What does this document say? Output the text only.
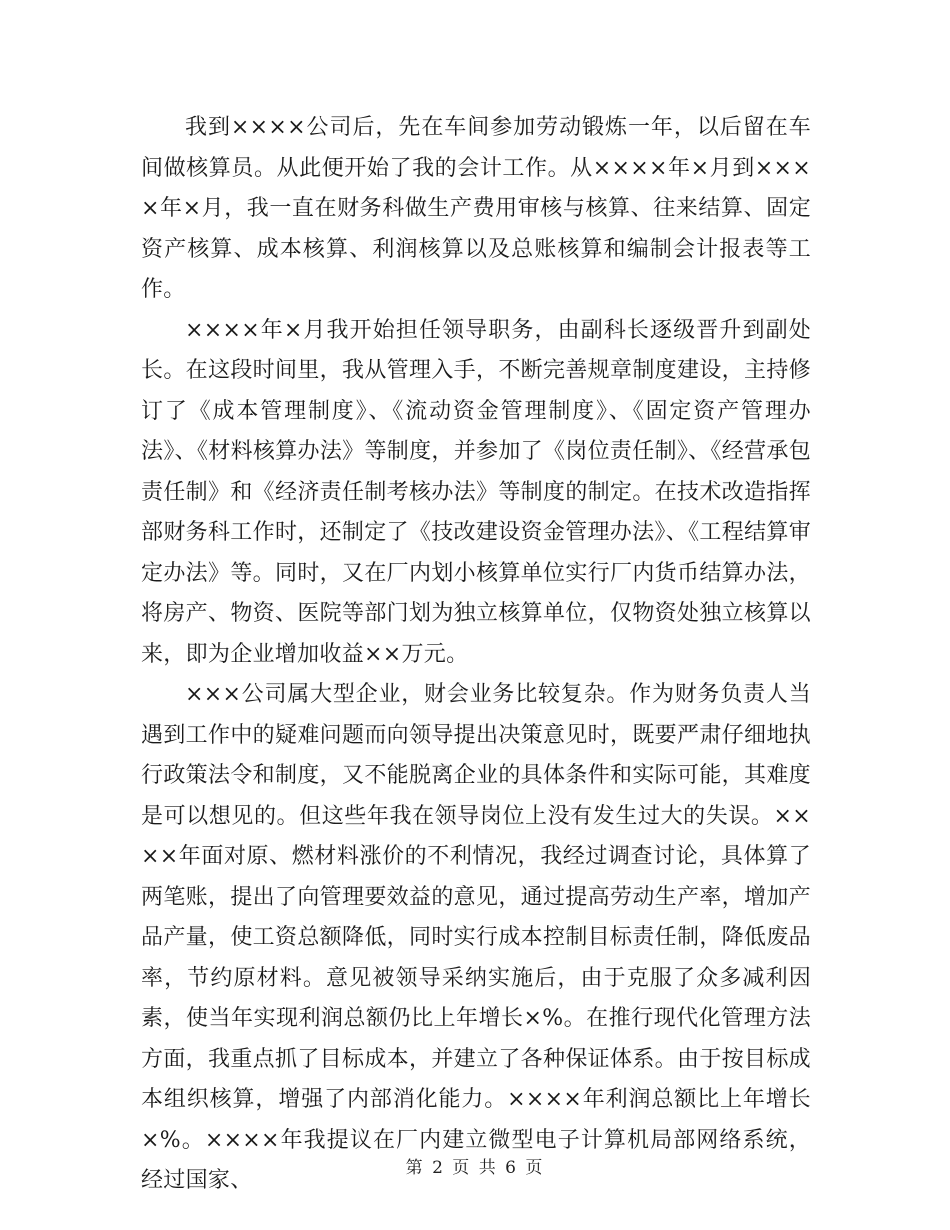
我到××××公司后，先在车间参加劳动锻炼一年，以后留在车间做核算员。从此便开始了我的会计工作。从××××年×月到××××年×月，我一直在财务科做生产费用审核与核算、往来结算、固定资产核算、成本核算、利润核算以及总账核算和编制会计报表等工作。

××××年×月我开始担任领导职务，由副科长逐级晋升到副处长。在这段时间里，我从管理入手，不断完善规章制度建设，主持修订了《成本管理制度》、《流动资金管理制度》、《固定资产管理办法》、《材料核算办法》等制度，并参加了《岗位责任制》、《经营承包责任制》和《经济责任制考核办法》等制度的制定。在技术改造指挥部财务科工作时，还制定了《技改建设资金管理办法》、《工程结算审定办法》等。同时，又在厂内划小核算单位实行厂内货币结算办法，将房产、物资、医院等部门划为独立核算单位，仅物资处独立核算以来，即为企业增加收益××万元。

×××公司属大型企业，财会业务比较复杂。作为财务负责人当遇到工作中的疑难问题而向领导提出决策意见时，既要严肃仔细地执行政策法令和制度，又不能脱离企业的具体条件和实际可能，其难度是可以想见的。但这些年我在领导岗位上没有发生过大的失误。××××年面对原、燃材料涨价的不利情况，我经过调查讨论，具体算了两笔账，提出了向管理要效益的意见，通过提高劳动生产率，增加产品产量，使工资总额降低，同时实行成本控制目标责任制，降低废品率，节约原材料。意见被领导采纳实施后，由于克服了众多减利因素，使当年实现利润总额仍比上年增长×%。在推行现代化管理方法方面，我重点抓了目标成本，并建立了各种保证体系。由于按目标成本组织核算，增强了内部消化能力。××××年利润总额比上年增长×%。××××年我提议在厂内建立微型电子计算机局部网络系统，经过国家、	第 2 页 共 6 页
